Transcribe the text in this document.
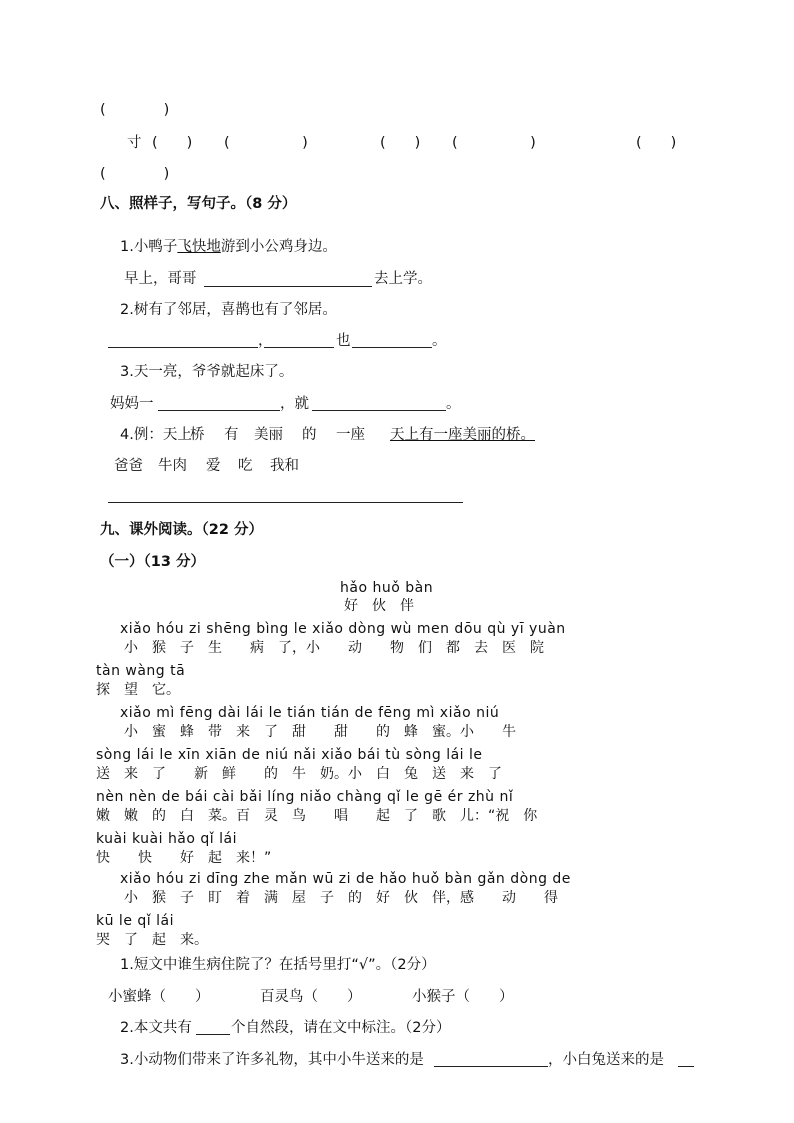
(　　　　)
寸 (　　) (　　　　　)	(　　) (　　　　　)	(　　)
(　　　　)
八、照样子，写句子。（8 分）
1.小鸭子飞快地游到小公鸡身边。
早上，哥哥	去上学。
2.树有了邻居，喜鹊也有了邻居。
，	也	。
3.天一亮，爷爷就起床了。
妈妈一	，就	。
4.例：天上
桥 有 美丽 的 一座 天上有一座美丽的桥。
爸爸 牛肉 爱 吃 我和
九、课外阅读。（22 分）
（一）（13 分）
hǎo huǒ bàn
好　伙　伴
xiǎo hóu zi shēng bìng le xiǎo dòng wù men dōu qù yī yuàn
小　猴　子　生　　病　了，小　　动　　物　们　都　去　医　院
tàn wàng tā
探　望　它。
xiǎo mì fēng dài lái le tián tián de fēng mì xiǎo niú
小　蜜　蜂　带　来　了　甜　　甜　　的　蜂　蜜。小　　牛
sòng lái le xīn xiān de niú nǎi xiǎo bái tù sòng lái le
送　来　了　　新　鲜　　的　牛　奶。小　白　兔　送　来　了
nèn nèn de bái cài bǎi líng niǎo chàng qǐ le gē ér zhù nǐ
嫩　嫩　的　白　菜。百　灵　鸟　　唱　　起　了　歌　儿：“祝　你
kuài kuài hǎo qǐ lái
快　　快　　好　起　来！”
xiǎo hóu zi dīng zhe mǎn wū zi de hǎo huǒ bàn gǎn dòng de
小　猴　子　盯　着　满　屋　子　的　好　伙　伴，感　　动　　得
kū le qǐ lái
哭　了　起　来。
1.短文中谁生病住院了？在括号里打“√”。（2分）
小蜜蜂（　　）	百灵鸟（　　）	小猴子（　　）
2.本文共有	个自然段，请在文中标注。（2分）
3.小动物们带来了许多礼物，其中小牛送来的是	，小白兔送来的是
